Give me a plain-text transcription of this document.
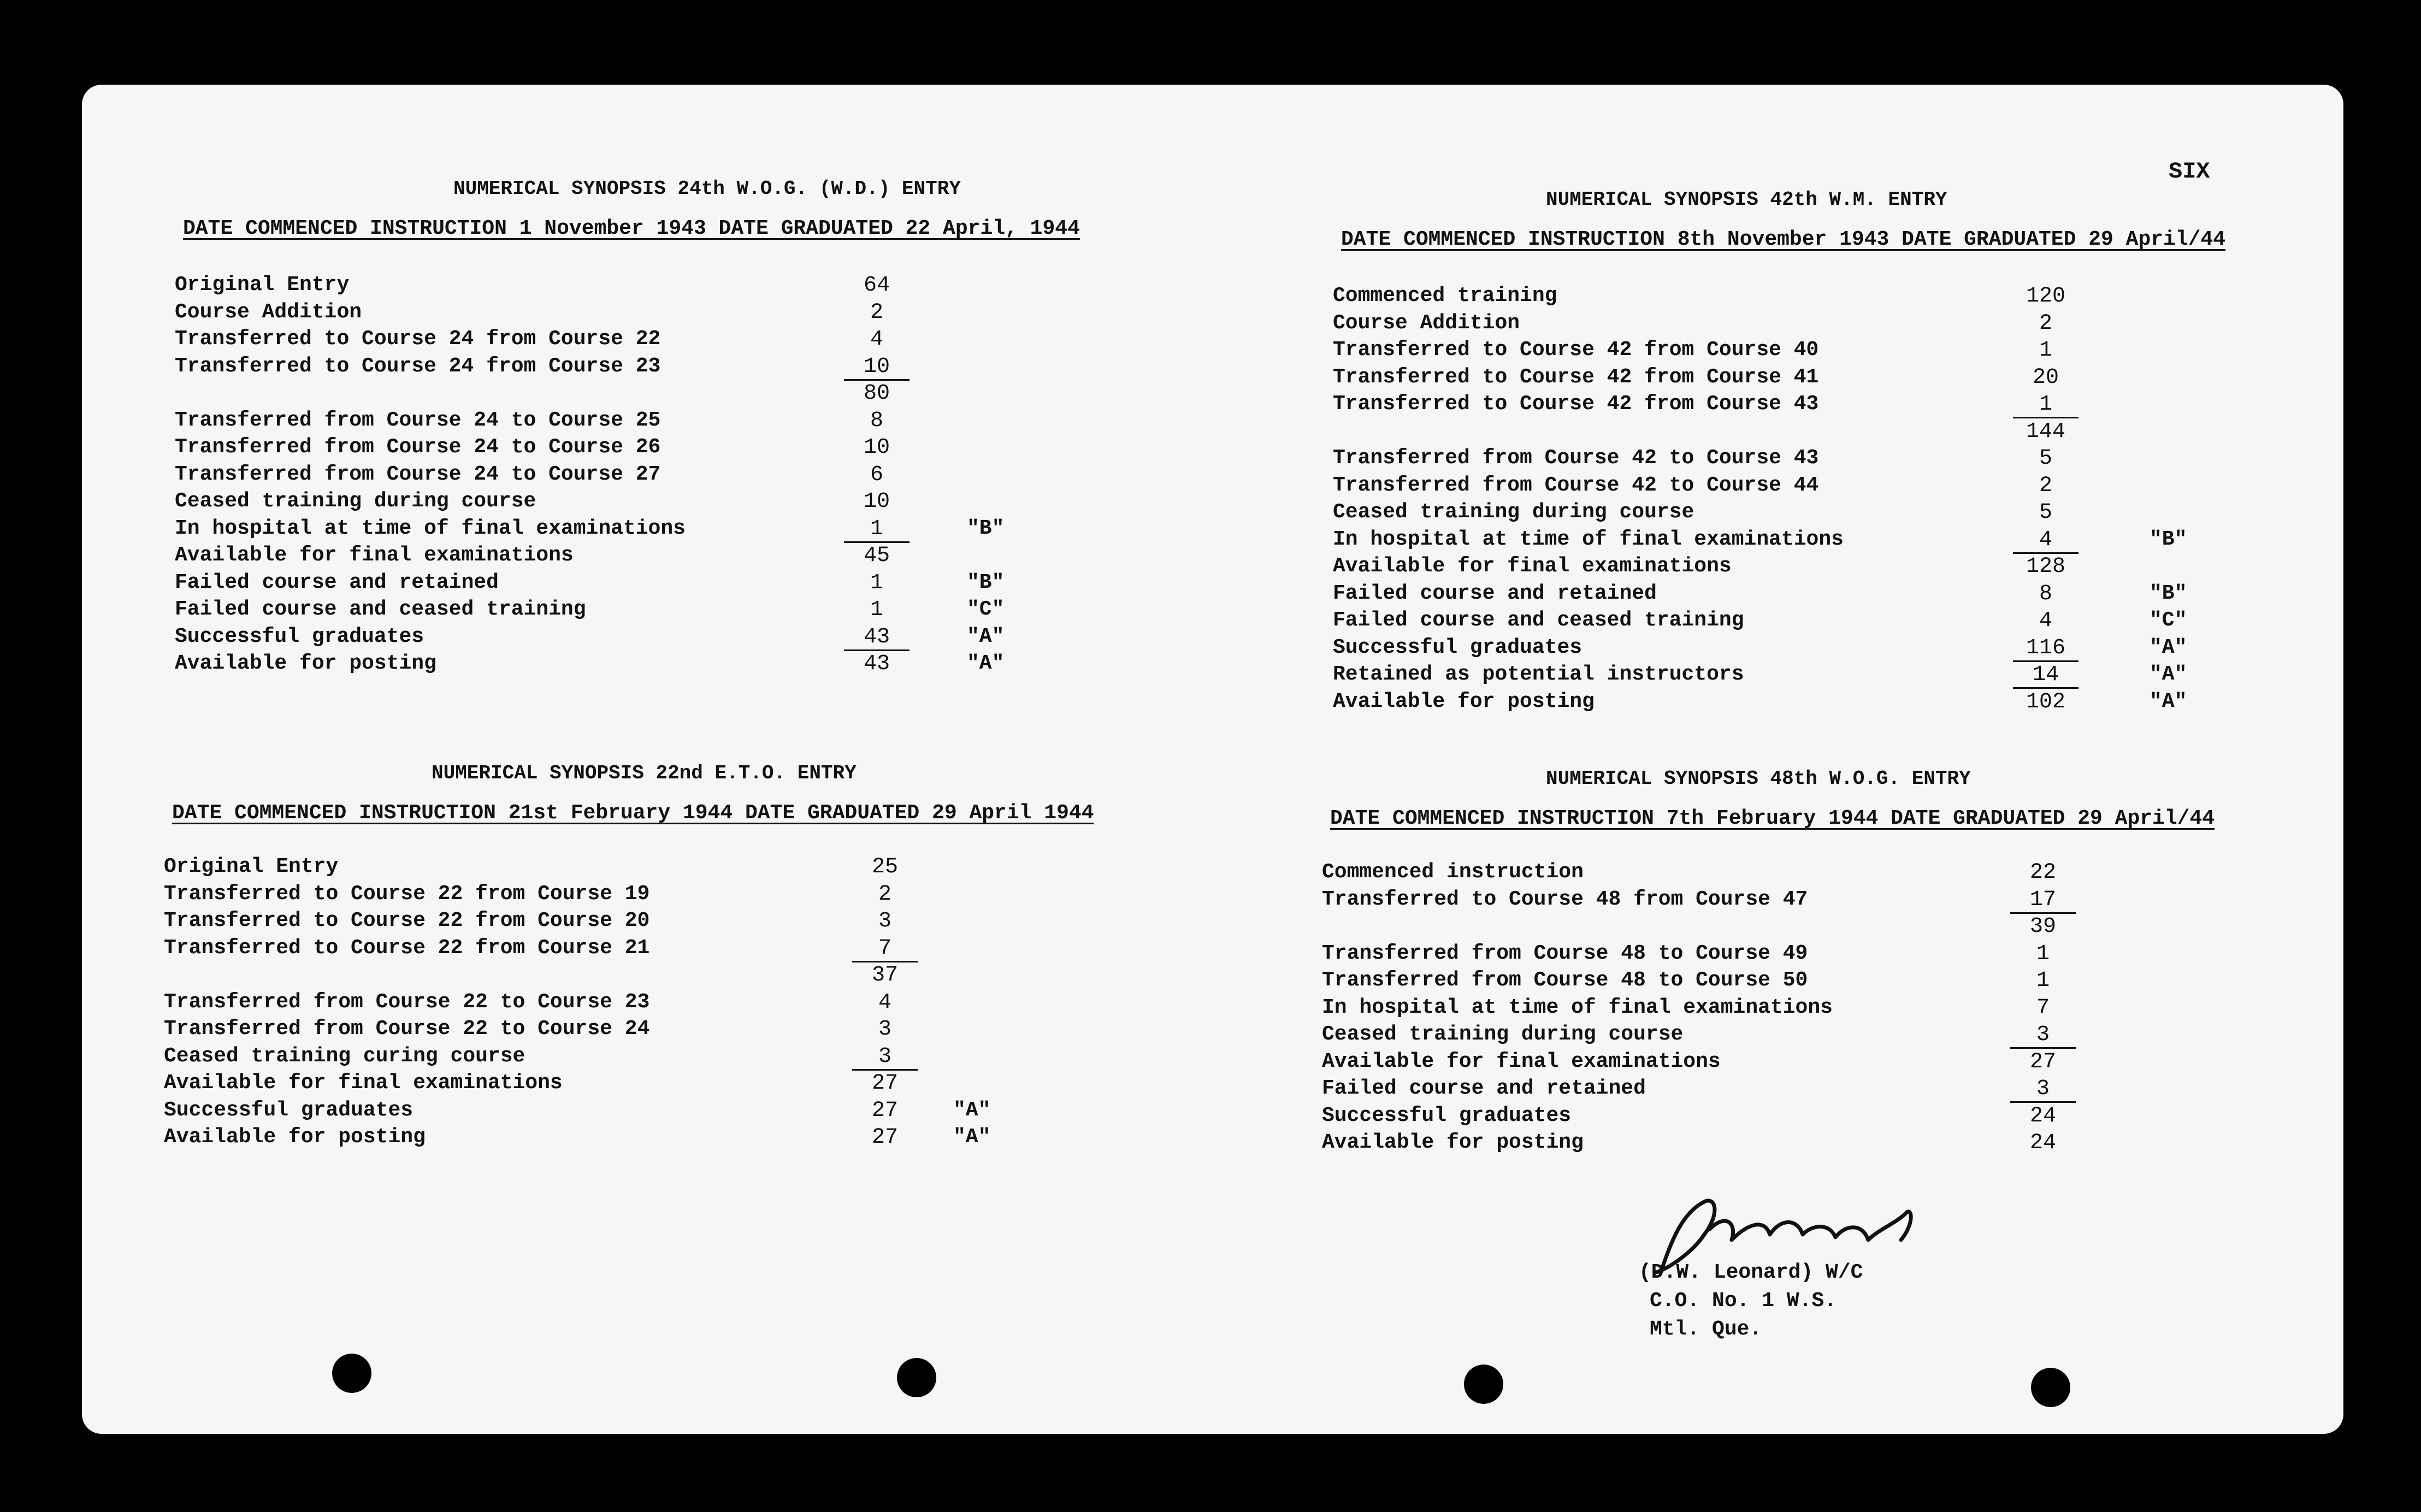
SIX
NUMERICAL SYNOPSIS 24th W.O.G. (W.D.) ENTRY
DATE COMMENCED INSTRUCTION 1 November 1943 DATE GRADUATED 22 April, 1944
Original Entry	64
Course Addition	2
Transferred to Course 24 from Course 22	4
Transferred to Course 24 from Course 23	10
80
Transferred from Course 24 to Course 25	8
Transferred from Course 24 to Course 26	10
Transferred from Course 24 to Course 27	6
Ceased training during course	10
In hospital at time of final examinations	1	"B"
Available for final examinations	45
Failed course and retained	1	"B"
Failed course and ceased training	1	"C"
Successful graduates	43	"A"
Available for posting	43	"A"
NUMERICAL SYNOPSIS 42th W.M. ENTRY
DATE COMMENCED INSTRUCTION 8th November 1943 DATE GRADUATED 29 April/44
Commenced training	120
Course Addition	2
Transferred to Course 42 from Course 40	1
Transferred to Course 42 from Course 41	20
Transferred to Course 42 from Course 43	1
144
Transferred from Course 42 to Course 43	5
Transferred from Course 42 to Course 44	2
Ceased training during course	5
In hospital at time of final examinations	4	"B"
Available for final examinations	128
Failed course and retained	8	"B"
Failed course and ceased training	4	"C"
Successful graduates	116	"A"
Retained as potential instructors	14	"A"
Available for posting	102	"A"
NUMERICAL SYNOPSIS 22nd E.T.O. ENTRY
DATE COMMENCED INSTRUCTION 21st February 1944 DATE GRADUATED 29 April 1944
Original Entry	25
Transferred to Course 22 from Course 19	2
Transferred to Course 22 from Course 20	3
Transferred to Course 22 from Course 21	7
37
Transferred from Course 22 to Course 23	4
Transferred from Course 22 to Course 24	3
Ceased training curing course	3
Available for final examinations	27
Successful graduates	27	"A"
Available for posting	27	"A"
NUMERICAL SYNOPSIS 48th W.O.G. ENTRY
DATE COMMENCED INSTRUCTION 7th February 1944 DATE GRADUATED 29 April/44
Commenced instruction	22
Transferred to Course 48 from Course 47	17
39
Transferred from Course 48 to Course 49	1
Transferred from Course 48 to Course 50	1
In hospital at time of final examinations	7
Ceased training during course	3
Available for final examinations	27
Failed course and retained	3
Successful graduates	24
Available for posting	24
(D.W. Leonard) W/C
C.O. No. 1 W.S.
Mtl. Que.
